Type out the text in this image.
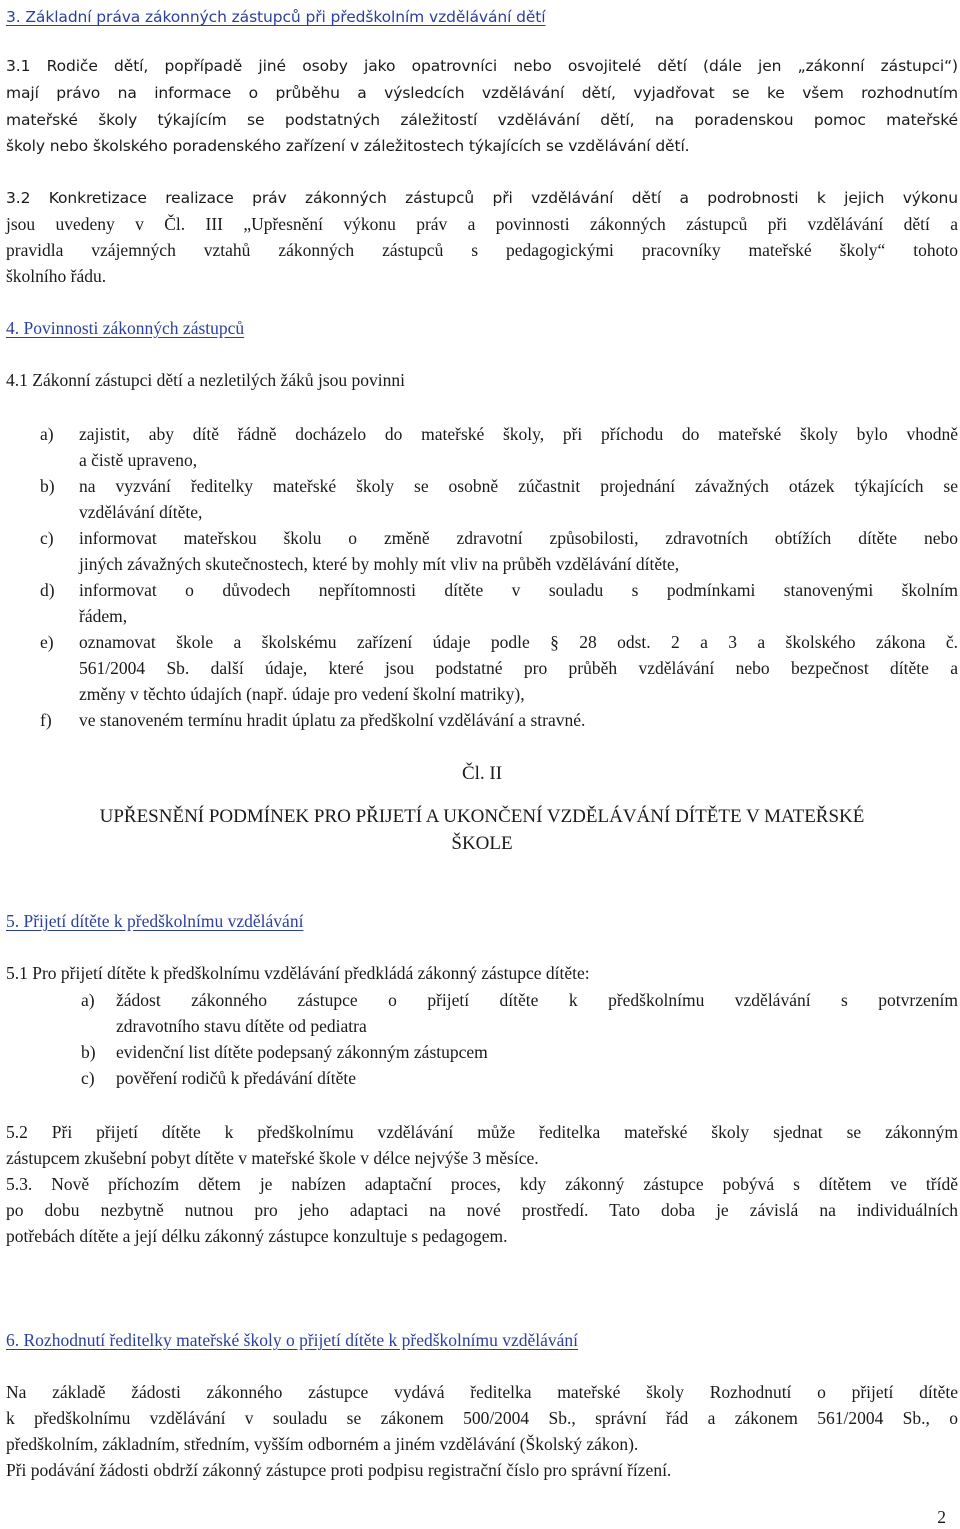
3. Základní práva zákonných zástupců při předškolním vzdělávání dětí
3.1 Rodiče dětí, popřípadě jiné osoby jako opatrovníci nebo osvojitelé dětí (dále jen „zákonní zástupci“)
mají právo na informace o průběhu a výsledcích vzdělávání dětí, vyjadřovat se ke všem rozhodnutím
mateřské školy týkajícím se podstatných záležitostí vzdělávání dětí, na poradenskou pomoc mateřské
školy nebo školského poradenského zařízení v záležitostech týkajících se vzdělávání dětí.
3.2 Konkretizace realizace práv zákonných zástupců při vzdělávání dětí a podrobnosti k jejich výkonu
jsou uvedeny v Čl. III „Upřesnění výkonu práv a povinnosti zákonných zástupců při vzdělávání dětí a
pravidla vzájemných vztahů zákonných zástupců s pedagogickými pracovníky mateřské školy“ tohoto
školního řádu.
4. Povinnosti zákonných zástupců
4.1 Zákonní zástupci dětí a nezletilých žáků jsou povinni
a) zajistit, aby dítě řádně docházelo do mateřské školy, při příchodu do mateřské školy bylo vhodně
a čistě upraveno,
b) na vyzvání ředitelky mateřské školy se osobně zúčastnit projednání závažných otázek týkajících se
vzdělávání dítěte,
c) informovat mateřskou školu o změně zdravotní způsobilosti, zdravotních obtížích dítěte nebo
jiných závažných skutečnostech, které by mohly mít vliv na průběh vzdělávání dítěte,
d) informovat o důvodech nepřítomnosti dítěte v souladu s podmínkami stanovenými školním
řádem,
e) oznamovat škole a školskému zařízení údaje podle § 28 odst. 2 a 3 a školského zákona č.
561/2004 Sb. další údaje, které jsou podstatné pro průběh vzdělávání nebo bezpečnost dítěte a
změny v těchto údajích (např. údaje pro vedení školní matriky),
f) ve stanoveném termínu hradit úplatu za předškolní vzdělávání a stravné.
Čl. II
UPŘESNĚNÍ PODMÍNEK PRO PŘIJETÍ A UKONČENÍ VZDĚLÁVÁNÍ DÍTĚTE V MATEŘSKÉ
ŠKOLE
5. Přijetí dítěte k předškolnímu vzdělávání
5.1 Pro přijetí dítěte k předškolnímu vzdělávání předkládá zákonný zástupce dítěte:
a) žádost zákonného zástupce o přijetí dítěte k předškolnímu vzdělávání s potvrzením
zdravotního stavu dítěte od pediatra
b) evidenční list dítěte podepsaný zákonným zástupcem
c) pověření rodičů k předávání dítěte
5.2 Při přijetí dítěte k předškolnímu vzdělávání může ředitelka mateřské školy sjednat se zákonným
zástupcem zkušební pobyt dítěte v mateřské škole v délce nejvýše 3 měsíce.
5.3. Nově příchozím dětem je nabízen adaptační proces, kdy zákonný zástupce pobývá s dítětem ve třídě
po dobu nezbytně nutnou pro jeho adaptaci na nové prostředí. Tato doba je závislá na individuálních
potřebách dítěte a její délku zákonný zástupce konzultuje s pedagogem.
6. Rozhodnutí ředitelky mateřské školy o přijetí dítěte k předškolnímu vzdělávání
Na základě žádosti zákonného zástupce vydává ředitelka mateřské školy Rozhodnutí o přijetí dítěte
k předškolnímu vzdělávání v souladu se zákonem 500/2004 Sb., správní řád a zákonem 561/2004 Sb., o
předškolním, základním, středním, vyšším odborném a jiném vzdělávání (Školský zákon).
Při podávání žádosti obdrží zákonný zástupce proti podpisu registrační číslo pro správní řízení.
2
